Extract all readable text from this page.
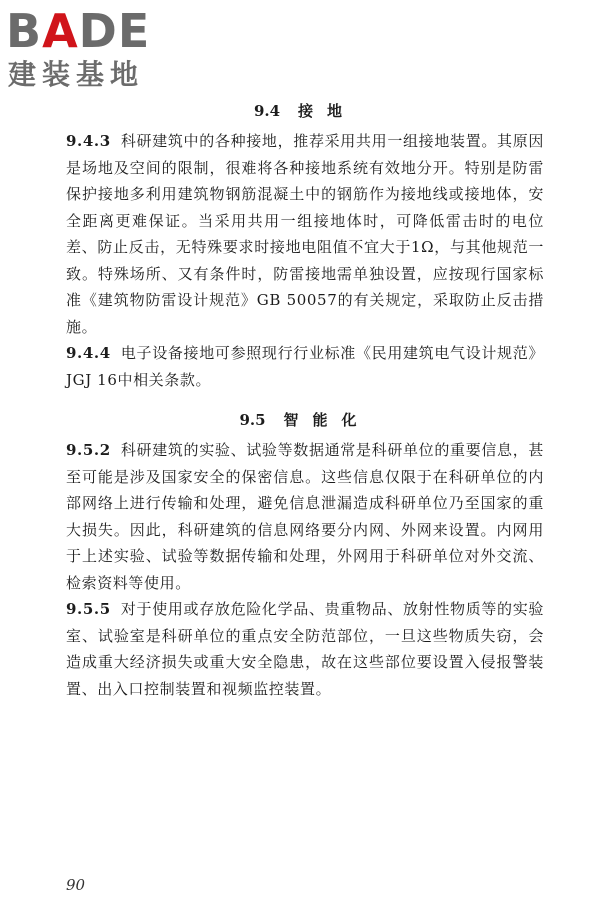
BADE
建装基地
9.4 接地

9.4.3 科研建筑中的各种接地，推荐采用共用一组接地装置。其原因是场地及空间的限制，很难将各种接地系统有效地分开。特别是防雷保护接地多利用建筑物钢筋混凝土中的钢筋作为接地线或接地体，安全距离更难保证。当采用共用一组接地体时，可降低雷击时的电位差、防止反击，无特殊要求时接地电阻值不宜大于1Ω，与其他规范一致。特殊场所、又有条件时，防雷接地需单独设置，应按现行国家标准《建筑物防雷设计规范》GB 50057的有关规定，采取防止反击措施。

9.4.4 电子设备接地可参照现行行业标准《民用建筑电气设计规范》JGJ 16中相关条款。

9.5 智能化

9.5.2 科研建筑的实验、试验等数据通常是科研单位的重要信息，甚至可能是涉及国家安全的保密信息。这些信息仅限于在科研单位的内部网络上进行传输和处理，避免信息泄漏造成科研单位乃至国家的重大损失。因此，科研建筑的信息网络要分内网、外网来设置。内网用于上述实验、试验等数据传输和处理，外网用于科研单位对外交流、检索资料等使用。

9.5.5 对于使用或存放危险化学品、贵重物品、放射性物质等的实验室、试验室是科研单位的重点安全防范部位，一旦这些物质失窃，会造成重大经济损失或重大安全隐患，故在这些部位要设置入侵报警装置、出入口控制装置和视频监控装置。

90
